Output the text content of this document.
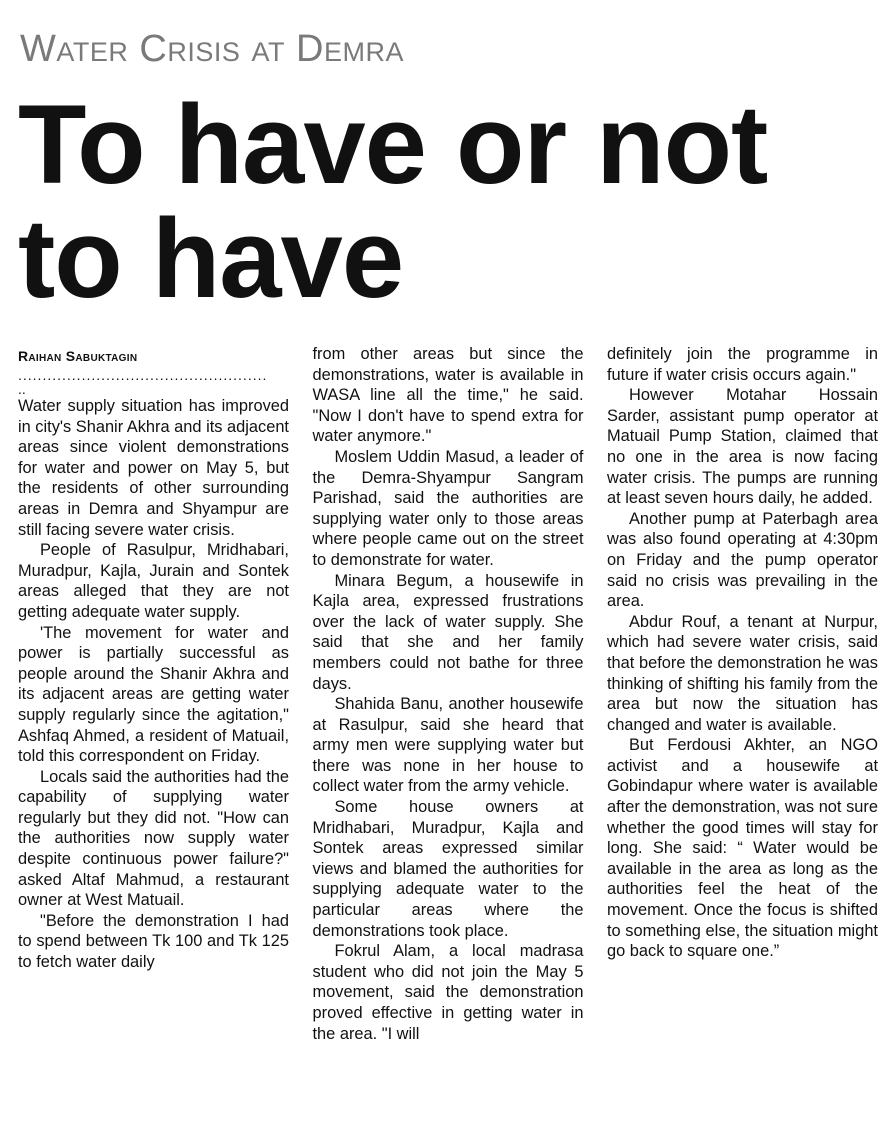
Water Crisis at Demra
To have or not to have
Raihan Sabuktagin
...................................................
..

Water supply situation has improved in city's Shanir Akhra and its adjacent areas since violent demonstrations for water and power on May 5, but the residents of other surrounding areas in Demra and Shyampur are still facing severe water crisis.

People of Rasulpur, Mridhabari, Muradpur, Kajla, Jurain and Sontek areas alleged that they are not getting adequate water supply.

'The movement for water and power is partially successful as people around the Shanir Akhra and its adjacent areas are getting water supply regularly since the agitation," Ashfaq Ahmed, a resident of Matuail, told this correspondent on Friday.

Locals said the authorities had the capability of supplying water regularly but they did not. "How can the authorities now supply water despite continuous power failure?" asked Altaf Mahmud, a restaurant owner at West Matuail.

"Before the demonstration I had to spend between Tk 100 and Tk 125 to fetch water daily

from other areas but since the demonstrations, water is available in WASA line all the time," he said. "Now I don't have to spend extra for water anymore."

Moslem Uddin Masud, a leader of the Demra-Shyampur Sangram Parishad, said the authorities are supplying water only to those areas where people came out on the street to demonstrate for water.

Minara Begum, a housewife in Kajla area, expressed frustrations over the lack of water supply. She said that she and her family members could not bathe for three days.

Shahida Banu, another housewife at Rasulpur, said she heard that army men were supplying water but there was none in her house to collect water from the army vehicle.

Some house owners at Mridhabari, Muradpur, Kajla and Sontek areas expressed similar views and blamed the authorities for supplying adequate water to the particular areas where the demonstrations took place.

Fokrul Alam, a local madrasa student who did not join the May 5 movement, said the demonstration proved effective in getting water in the area. "I will

definitely join the programme in future if water crisis occurs again."

However Motahar Hossain Sarder, assistant pump operator at Matuail Pump Station, claimed that no one in the area is now facing water crisis. The pumps are running at least seven hours daily, he added.

Another pump at Paterbagh area was also found operating at 4:30pm on Friday and the pump operator said no crisis was prevailing in the area.

Abdur Rouf, a tenant at Nurpur, which had severe water crisis, said that before the demonstration he was thinking of shifting his family from the area but now the situation has changed and water is available.

But Ferdousi Akhter, an NGO activist and a housewife at Gobindapur where water is available after the demonstration, was not sure whether the good times will stay for long. She said: “ Water would be available in the area as long as the authorities feel the heat of the movement. Once the focus is shifted to something else, the situation might go back to square one.”
